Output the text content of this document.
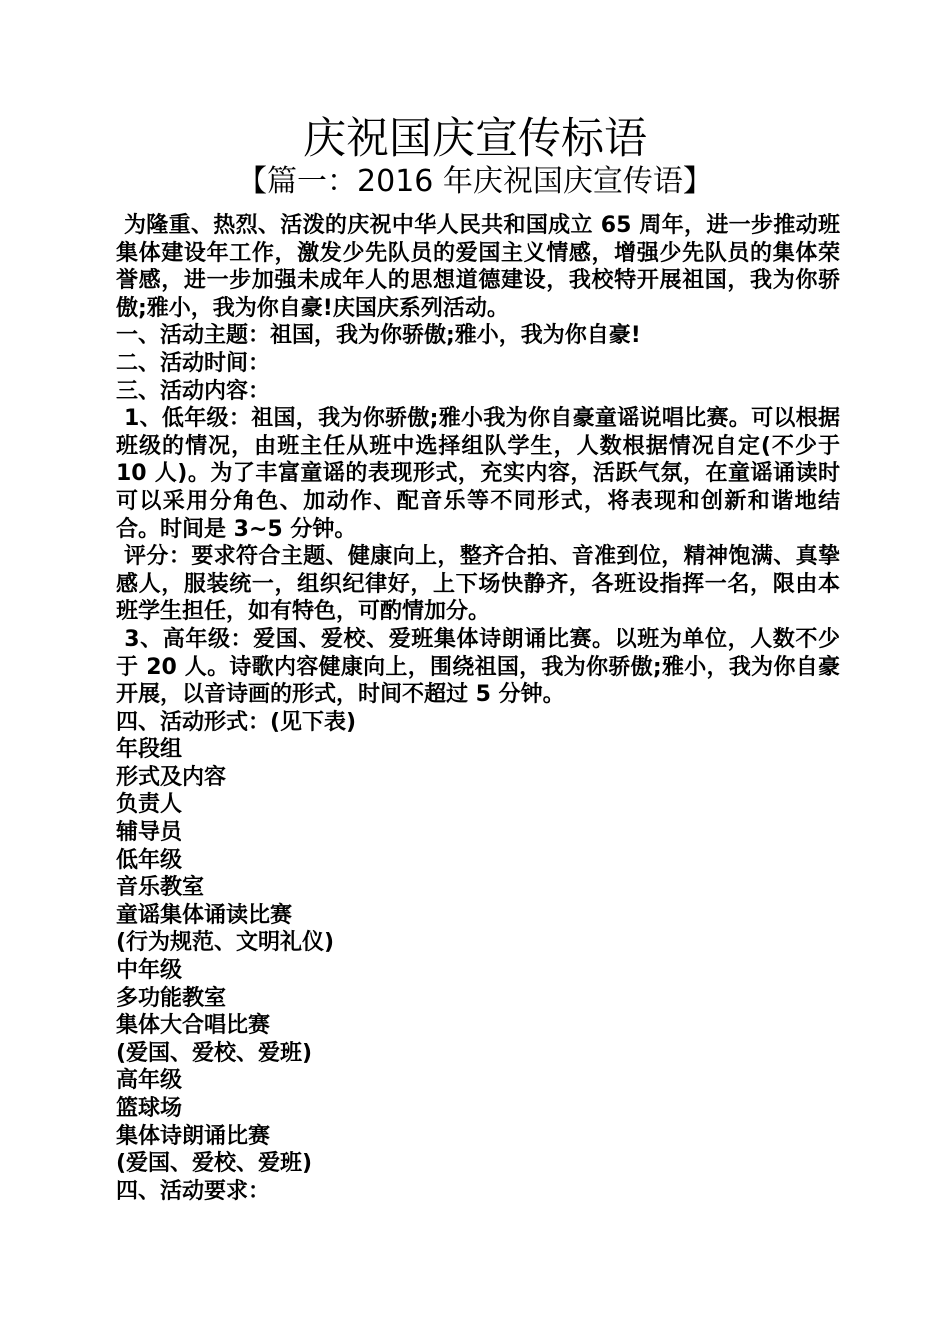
庆祝国庆宣传标语
【篇一：2016 年庆祝国庆宣传语】

为隆重、热烈、活泼的庆祝中华人民共和国成立 65 周年，进一步推动班集体建设年工作，激发少先队员的爱国主义情感，增强少先队员的集体荣誉感，进一步加强未成年人的思想道德建设，我校特开展祖国，我为你骄傲;雅小，我为你自豪!庆国庆系列活动。

一、活动主题：祖国，我为你骄傲;雅小，我为你自豪!

二、活动时间：

三、活动内容：

1、低年级：祖国，我为你骄傲;雅小我为你自豪童谣说唱比赛。可以根据班级的情况，由班主任从班中选择组队学生，人数根据情况自定(不少于 10 人)。为了丰富童谣的表现形式，充实内容，活跃气氛，在童谣诵读时可以采用分角色、加动作、配音乐等不同形式，将表现和创新和谐地结合。时间是 3~5 分钟。

评分：要求符合主题、健康向上，整齐合拍、音准到位，精神饱满、真挚感人，服装统一，组织纪律好，上下场快静齐，各班设指挥一名，限由本班学生担任，如有特色，可酌情加分。

3、高年级：爱国、爱校、爱班集体诗朗诵比赛。以班为单位，人数不少于 20 人。诗歌内容健康向上，围绕祖国，我为你骄傲;雅小，我为你自豪开展，以音诗画的形式，时间不超过 5 分钟。

四、活动形式：(见下表)

年段组

形式及内容

负责人

辅导员

低年级

音乐教室

童谣集体诵读比赛

(行为规范、文明礼仪)

中年级

多功能教室

集体大合唱比赛

(爱国、爱校、爱班)

高年级

篮球场

集体诗朗诵比赛

(爱国、爱校、爱班)

四、活动要求：
